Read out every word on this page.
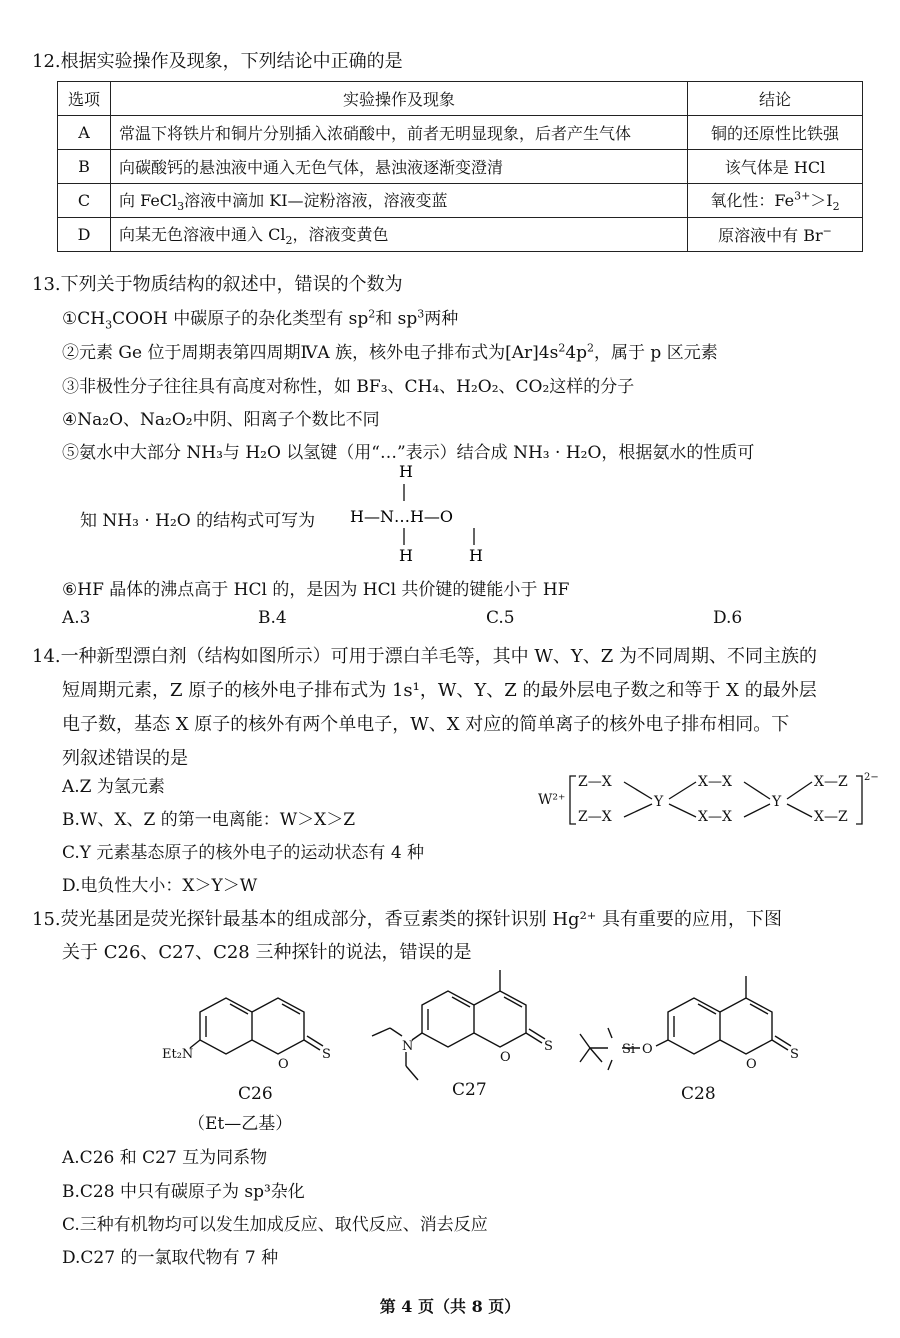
12.根据实验操作及现象，下列结论中正确的是
选项	实验操作及现象	结论
A	常温下将铁片和铜片分别插入浓硝酸中，前者无明显现象，后者产生气体	铜的还原性比铁强
B	向碳酸钙的悬浊液中通入无色气体，悬浊液逐渐变澄清	该气体是 HCl
C	向 FeCl$_3$溶液中滴加 KI—淀粉溶液，溶液变蓝	氧化性：$Fe^{3+}>I_2$
D	向某无色溶液中通入 $Cl_2$，溶液变黄色	原溶液中有 Br−
13.下列关于物质结构的叙述中，错误的个数为
$①CH_3COOH$ 中碳原子的杂化类型有 $sp^2$和 $sp^3$两种
②元素 Ge 位于周期表第四周期ⅣA 族，核外电子排布式为$[Ar]4s^24p^2$，属于 p 区元素
③非极性分子往往具有高度对称性，如 BF₃、CH₄、H₂O₂、CO₂这样的分子
④Na₂O、Na₂O₂中阴、阳离子个数比不同
⑤氨水中大部分 NH₃与 H₂O 以氢键（用“…”表示）结合成 NH₃ · H₂O，根据氨水的性质可
知 NH₃ · H₂O 的结构式可写为
H
H—N…H—O
H	H
⑥HF 晶体的沸点高于 HCl 的，是因为 HCl 共价键的键能小于 HF
A.3	B.4	C.5	D.6
14.一种新型漂白剂（结构如图所示）可用于漂白羊毛等，其中 W、Y、Z 为不同周期、不同主族的
短周期元素，Z 原子的核外电子排布式为 1s¹，W、Y、Z 的最外层电子数之和等于 X 的最外层
电子数，基态 X 原子的核外有两个单电子，W、X 对应的简单离子的核外电子排布相同。下
列叙述错误的是
A.Z 为氢元素
B.W、X、Z 的第一电离能：W＞X＞Z
C.Y 元素基态原子的核外电子的运动状态有 4 种
D.电负性大小：X＞Y＞W
W²⁺
Z—X
Z—X
Y
X—X
X—X
Y
X—Z
X—Z
2−
15.荧光基团是荧光探针最基本的组成部分，香豆素类的探针识别 Hg²⁺ 具有重要的应用，下图
关于 C26、C27、C28 三种探针的说法，错误的是
Et₂N
O
S
N
O
S	Si O
O
S
C26	C27	C28
（Et—乙基）
A.C26 和 C27 互为同系物
B.C28 中只有碳原子为 sp³杂化
C.三种有机物均可以发生加成反应、取代反应、消去反应
D.C27 的一氯取代物有 7 种
第 4 页（共 8 页）
